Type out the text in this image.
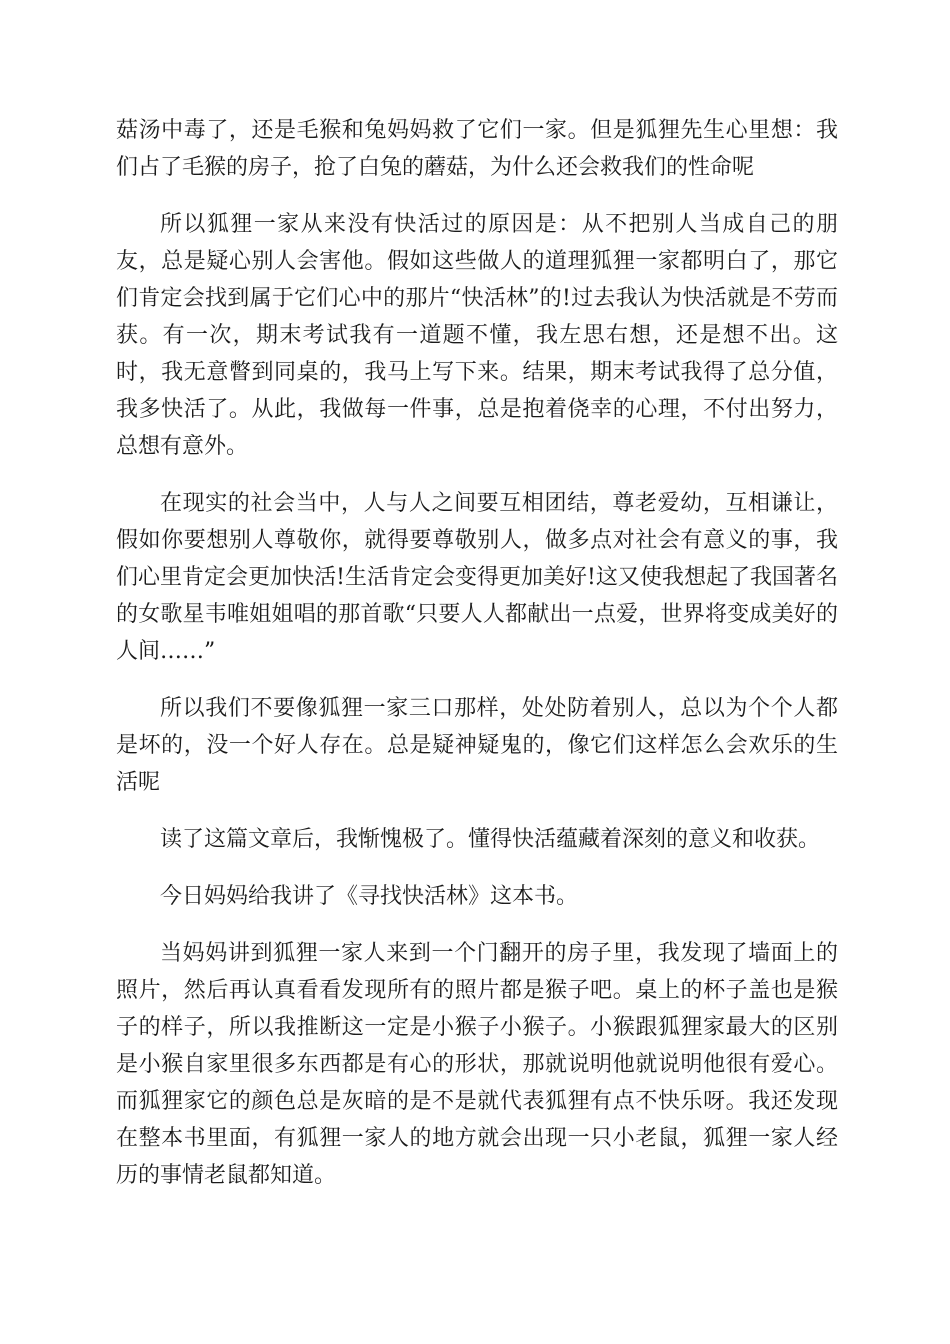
菇汤中毒了，还是毛猴和兔妈妈救了它们一家。但是狐狸先生心里想：我们占了毛猴的房子，抢了白兔的蘑菇，为什么还会救我们的性命呢

所以狐狸一家从来没有快活过的原因是：从不把别人当成自己的朋友，总是疑心别人会害他。假如这些做人的道理狐狸一家都明白了，那它们肯定会找到属于它们心中的那片“快活林”的!过去我认为快活就是不劳而获。有一次，期末考试我有一道题不懂，我左思右想，还是想不出。这时，我无意瞥到同桌的，我马上写下来。结果，期末考试我得了总分值，我多快活了。从此，我做每一件事，总是抱着侥幸的心理，不付出努力，总想有意外。

在现实的社会当中，人与人之间要互相团结，尊老爱幼，互相谦让，假如你要想别人尊敬你，就得要尊敬别人，做多点对社会有意义的事，我们心里肯定会更加快活!生活肯定会变得更加美好!这又使我想起了我国著名的女歌星韦唯姐姐唱的那首歌“只要人人都献出一点爱，世界将变成美好的人间……”

所以我们不要像狐狸一家三口那样，处处防着别人，总以为个个人都是坏的，没一个好人存在。总是疑神疑鬼的，像它们这样怎么会欢乐的生活呢

读了这篇文章后，我惭愧极了。懂得快活蕴藏着深刻的意义和收获。

今日妈妈给我讲了《寻找快活林》这本书。

当妈妈讲到狐狸一家人来到一个门翻开的房子里，我发现了墙面上的照片，然后再认真看看发现所有的照片都是猴子吧。桌上的杯子盖也是猴子的样子，所以我推断这一定是小猴子小猴子。小猴跟狐狸家最大的区别是小猴自家里很多东西都是有心的形状，那就说明他就说明他很有爱心。而狐狸家它的颜色总是灰暗的是不是就代表狐狸有点不快乐呀。我还发现在整本书里面，有狐狸一家人的地方就会出现一只小老鼠，狐狸一家人经历的事情老鼠都知道。
